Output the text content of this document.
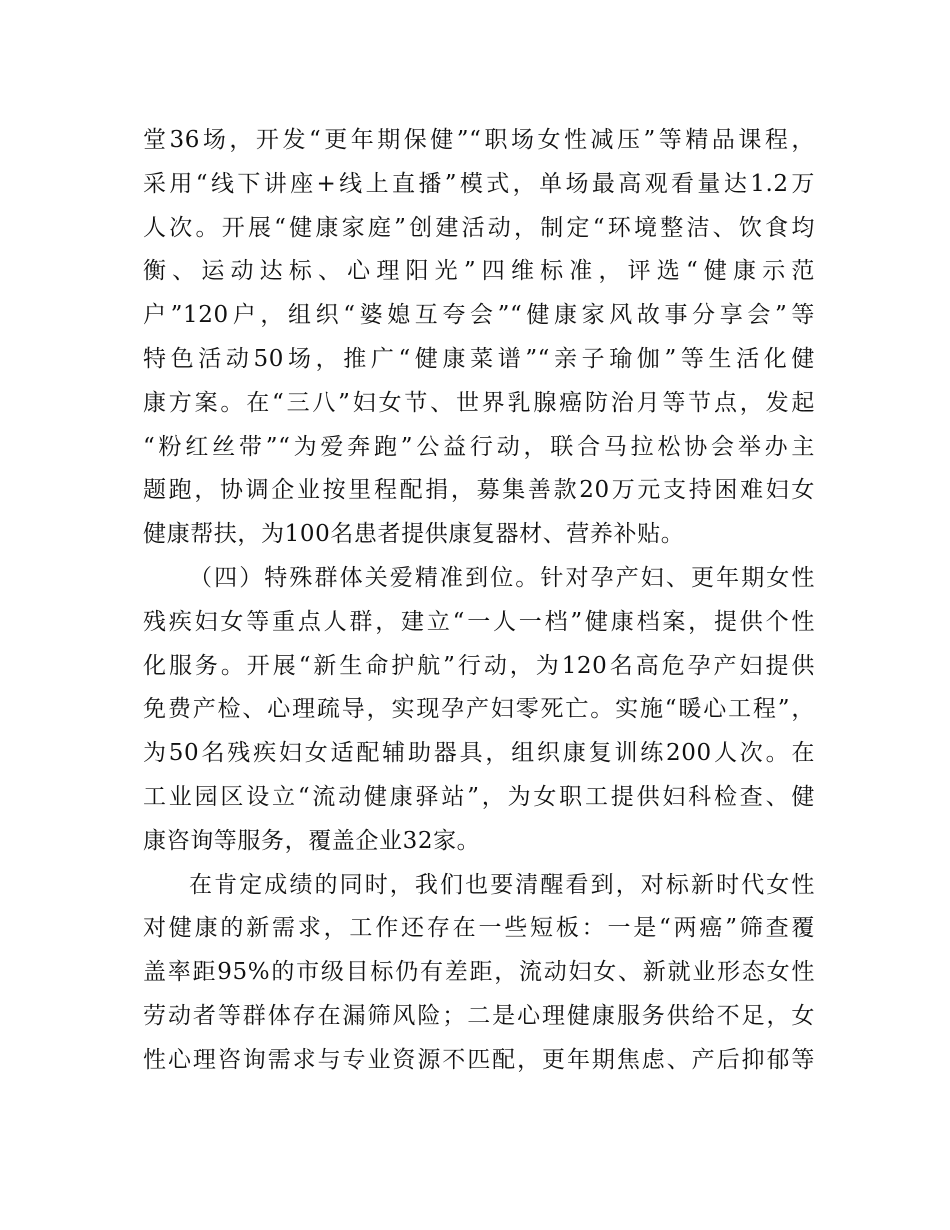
堂36场，开发“更年期保健”“职场女性减压”等精品课程，
采用“线下讲座+线上直播”模式，单场最高观看量达1.2万
人次。开展“健康家庭”创建活动，制定“环境整洁、饮食均
衡、运动达标、心理阳光”四维标准，评选“健康示范
户”120户，组织“婆媳互夸会”“健康家风故事分享会”等
特色活动50场，推广“健康菜谱”“亲子瑜伽”等生活化健
康方案。在“三八”妇女节、世界乳腺癌防治月等节点，发起
“粉红丝带”“为爱奔跑”公益行动，联合马拉松协会举办主
题跑，协调企业按里程配捐，募集善款20万元支持困难妇女
健康帮扶，为100名患者提供康复器材、营养补贴。
（四）特殊群体关爱精准到位。针对孕产妇、更年期女性
残疾妇女等重点人群，建立“一人一档”健康档案，提供个性
化服务。开展“新生命护航”行动，为120名高危孕产妇提供
免费产检、心理疏导，实现孕产妇零死亡。实施“暖心工程”，
为50名残疾妇女适配辅助器具，组织康复训练200人次。在
工业园区设立“流动健康驿站”，为女职工提供妇科检查、健
康咨询等服务，覆盖企业32家。
在肯定成绩的同时，我们也要清醒看到，对标新时代女性
对健康的新需求，工作还存在一些短板：一是“两癌”筛查覆
盖率距95%的市级目标仍有差距，流动妇女、新就业形态女性
劳动者等群体存在漏筛风险；二是心理健康服务供给不足，女
性心理咨询需求与专业资源不匹配，更年期焦虑、产后抑郁等
